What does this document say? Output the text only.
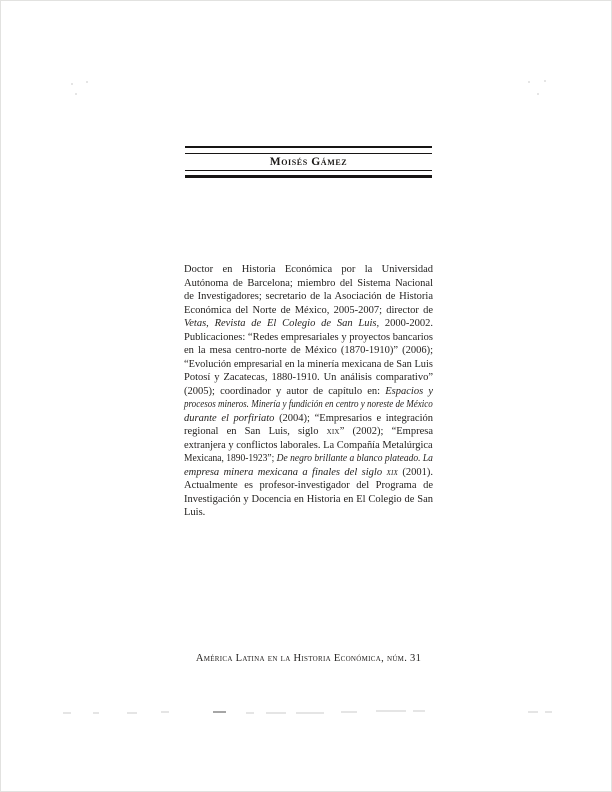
Moisés Gámez
Doctor en Historia Económica por la Universidad
Autónoma de Barcelona; miembro del Sistema Nacional
de Investigadores; secretario de la Asociación de Historia
Económica del Norte de México, 2005-2007; director de
Vetas, Revista de El Colegio de San Luis, 2000-2002.
Publicaciones: “Redes empresariales y proyectos bancarios
en la mesa centro-norte de México (1870-1910)” (2006);
“Evolución empresarial en la minería mexicana de San Luis
Potosí y Zacatecas, 1880-1910. Un análisis comparativo”
(2005); coordinador y autor de capítulo en: Espacios y
procesos mineros. Minería y fundición en centro y noreste de México
durante el porfiriato (2004); “Empresarios e integración
regional en San Luis, siglo xix” (2002); “Empresa
extranjera y conflictos laborales. La Compañía Metalúrgica
Mexicana, 1890-1923”; De negro brillante a blanco plateado. La
empresa minera mexicana a finales del siglo xix (2001).
Actualmente es profesor-investigador del Programa de
Investigación y Docencia en Historia en El Colegio de San
Luis.
América Latina en la Historia Económica, núm. 31
